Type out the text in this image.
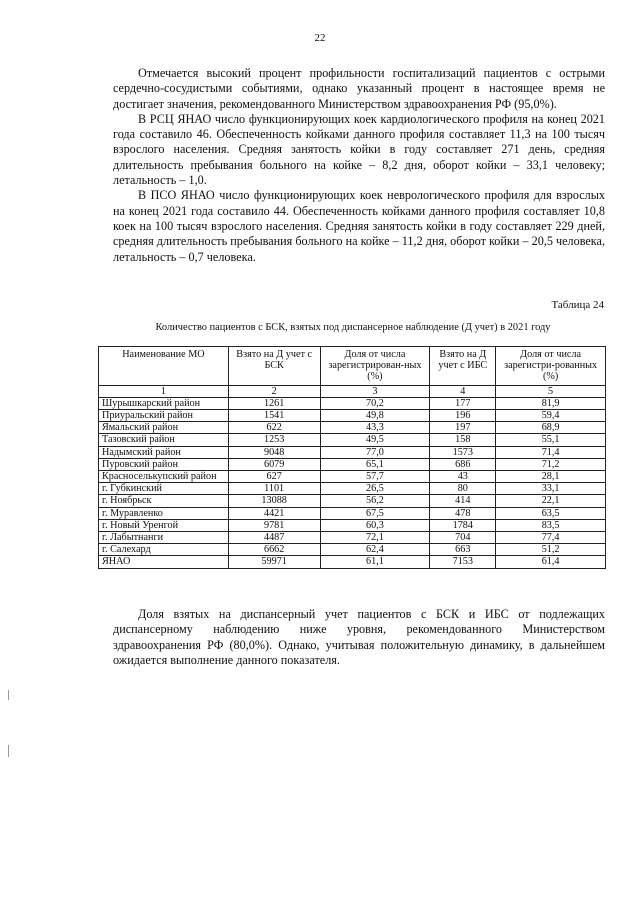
22

Отмечается высокий процент профильности госпитализаций пациентов с острыми сердечно-сосудистыми событиями, однако указанный процент в настоящее время не достигает значения, рекомендованного Министерством здравоохранения РФ (95,0%).

В РСЦ ЯНАО число функционирующих коек кардиологического профиля на конец 2021 года составило 46. Обеспеченность койками данного профиля составляет 11,3 на 100 тысяч взрослого населения. Средняя занятость койки в году составляет 271 день, средняя длительность пребывания больного на койке – 8,2 дня, оборот койки – 33,1 человеку; летальность – 1,0.

В ПСО ЯНАО число функционирующих коек неврологического профиля для взрослых на конец 2021 года составило 44. Обеспеченность койками данного профиля составляет 10,8 коек на 100 тысяч взрослого населения. Средняя занятость койки в году составляет 229 дней, средняя длительность пребывания больного на койке – 11,2 дня, оборот койки – 20,5 человека, летальность – 0,7 человека.

Таблица 24
Количество пациентов с БСК, взятых под диспансерное наблюдение (Д учет) в 2021 году
Наименование МО	Взято на Д учет с БСК	Доля от числа зарегистрирован-ных (%)	Взято на Д учет с ИБС	Доля от числа зарегистри-рованных (%)
1	2	3	4	5
Шурышкарский район	1261	70,2	177	81,9
Приуральский район	1541	49,8	196	59,4
Ямальский район	622	43,3	197	68,9
Тазовский район	1253	49,5	158	55,1
Надымский район	9048	77,0	1573	71,4
Пуровский район	6079	65,1	686	71,2
Красноселькупский район	627	57,7	43	28,1
г. Губкинский	1101	26,5	80	33,1
г. Ноябрьск	13088	56,2	414	22,1
г. Муравленко	4421	67,5	478	63,5
г. Новый Уренгой	9781	60,3	1784	83,5
г. Лабытнанги	4487	72,1	704	77,4
г. Салехард	6662	62,4	663	51,2
ЯНАО	59971	61,1	7153	61,4

Доля взятых на диспансерный учет пациентов с БСК и ИБС от подлежащих диспансерному наблюдению ниже уровня, рекомендованного Министерством здравоохранения РФ (80,0%). Однако, учитывая положительную динамику, в дальнейшем ожидается выполнение данного показателя.
